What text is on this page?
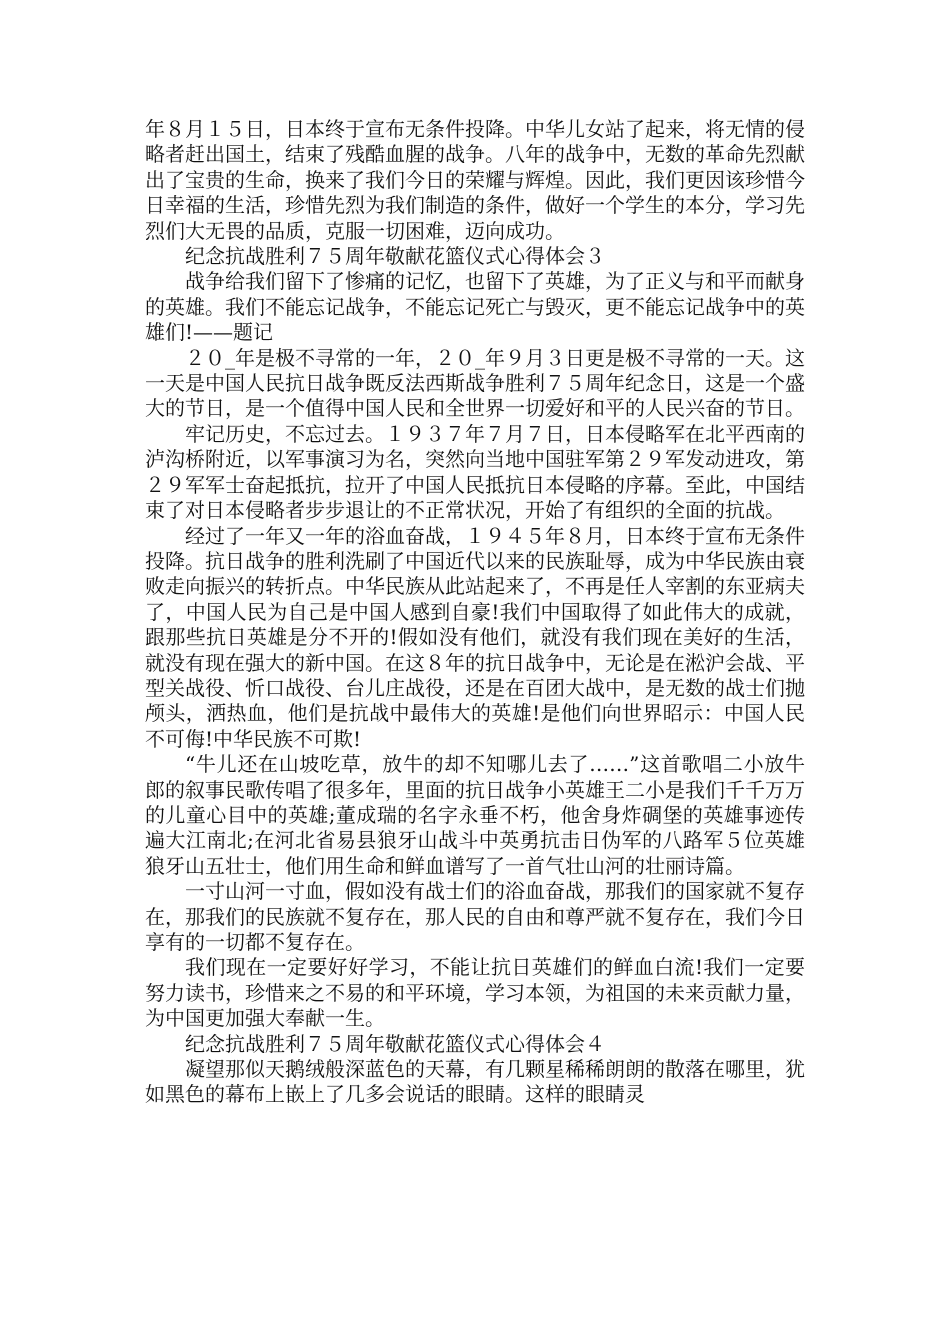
年８月１５日，日本终于宣布无条件投降。中华儿女站了起来，将无情的侵略者赶出国土，结束了残酷血腥的战争。八年的战争中，无数的革命先烈献出了宝贵的生命，换来了我们今日的荣耀与辉煌。因此，我们更因该珍惜今日幸福的生活，珍惜先烈为我们制造的条件，做好一个学生的本分，学习先烈们大无畏的品质，克服一切困难，迈向成功。

纪念抗战胜利７５周年敬献花篮仪式心得体会３

战争给我们留下了惨痛的记忆，也留下了英雄，为了正义与和平而献身的英雄。我们不能忘记战争，不能忘记死亡与毁灭，更不能忘记战争中的英雄们!——题记

２０_年是极不寻常的一年，２０_年９月３日更是极不寻常的一天。这一天是中国人民抗日战争既反法西斯战争胜利７５周年纪念日，这是一个盛大的节日，是一个值得中国人民和全世界一切爱好和平的人民兴奋的节日。

牢记历史，不忘过去。１９３７年７月７日，日本侵略军在北平西南的泸沟桥附近，以军事演习为名，突然向当地中国驻军第２９军发动进攻，第２９军军士奋起抵抗，拉开了中国人民抵抗日本侵略的序幕。至此，中国结束了对日本侵略者步步退让的不正常状况，开始了有组织的全面的抗战。

经过了一年又一年的浴血奋战，１９４５年８月，日本终于宣布无条件投降。抗日战争的胜利洗刷了中国近代以来的民族耻辱，成为中华民族由衰败走向振兴的转折点。中华民族从此站起来了，不再是任人宰割的东亚病夫了，中国人民为自己是中国人感到自豪!我们中国取得了如此伟大的成就，跟那些抗日英雄是分不开的!假如没有他们，就没有我们现在美好的生活，就没有现在强大的新中国。在这８年的抗日战争中，无论是在淞沪会战、平型关战役、忻口战役、台儿庄战役，还是在百团大战中，是无数的战士们抛颅头，洒热血，他们是抗战中最伟大的英雄!是他们向世界昭示：中国人民不可侮!中华民族不可欺!

“牛儿还在山坡吃草，放牛的却不知哪儿去了……”这首歌唱二小放牛郎的叙事民歌传唱了很多年，里面的抗日战争小英雄王二小是我们千千万万的儿童心目中的英雄;董成瑞的名字永垂不朽，他舍身炸碉堡的英雄事迹传遍大江南北;在河北省易县狼牙山战斗中英勇抗击日伪军的八路军５位英雄狼牙山五壮士，他们用生命和鲜血谱写了一首气壮山河的壮丽诗篇。

一寸山河一寸血，假如没有战士们的浴血奋战，那我们的国家就不复存在，那我们的民族就不复存在，那人民的自由和尊严就不复存在，我们今日享有的一切都不复存在。

我们现在一定要好好学习，不能让抗日英雄们的鲜血白流!我们一定要努力读书，珍惜来之不易的和平环境，学习本领，为祖国的未来贡献力量，为中国更加强大奉献一生。

纪念抗战胜利７５周年敬献花篮仪式心得体会４

凝望那似天鹅绒般深蓝色的天幕，有几颗星稀稀朗朗的散落在哪里，犹如黑色的幕布上嵌上了几多会说话的眼睛。这样的眼睛灵
